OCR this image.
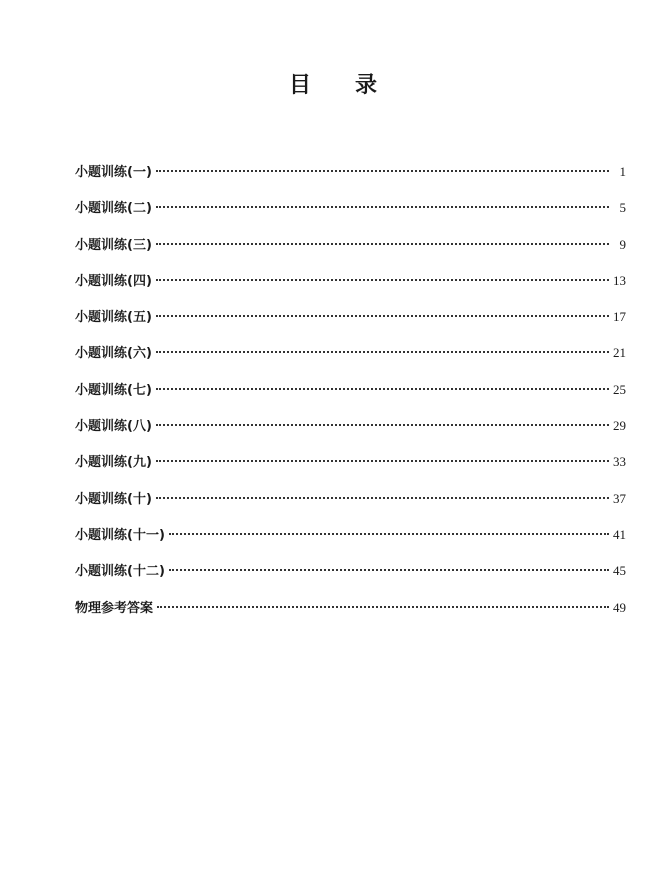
目 录
小题训练(一)	1
小题训练(二)	5
小题训练(三)	9
小题训练(四)	13
小题训练(五)	17
小题训练(六)	21
小题训练(七)	25
小题训练(八)	29
小题训练(九)	33
小题训练(十)	37
小题训练(十一)	41
小题训练(十二)	45
物理参考答案	49
